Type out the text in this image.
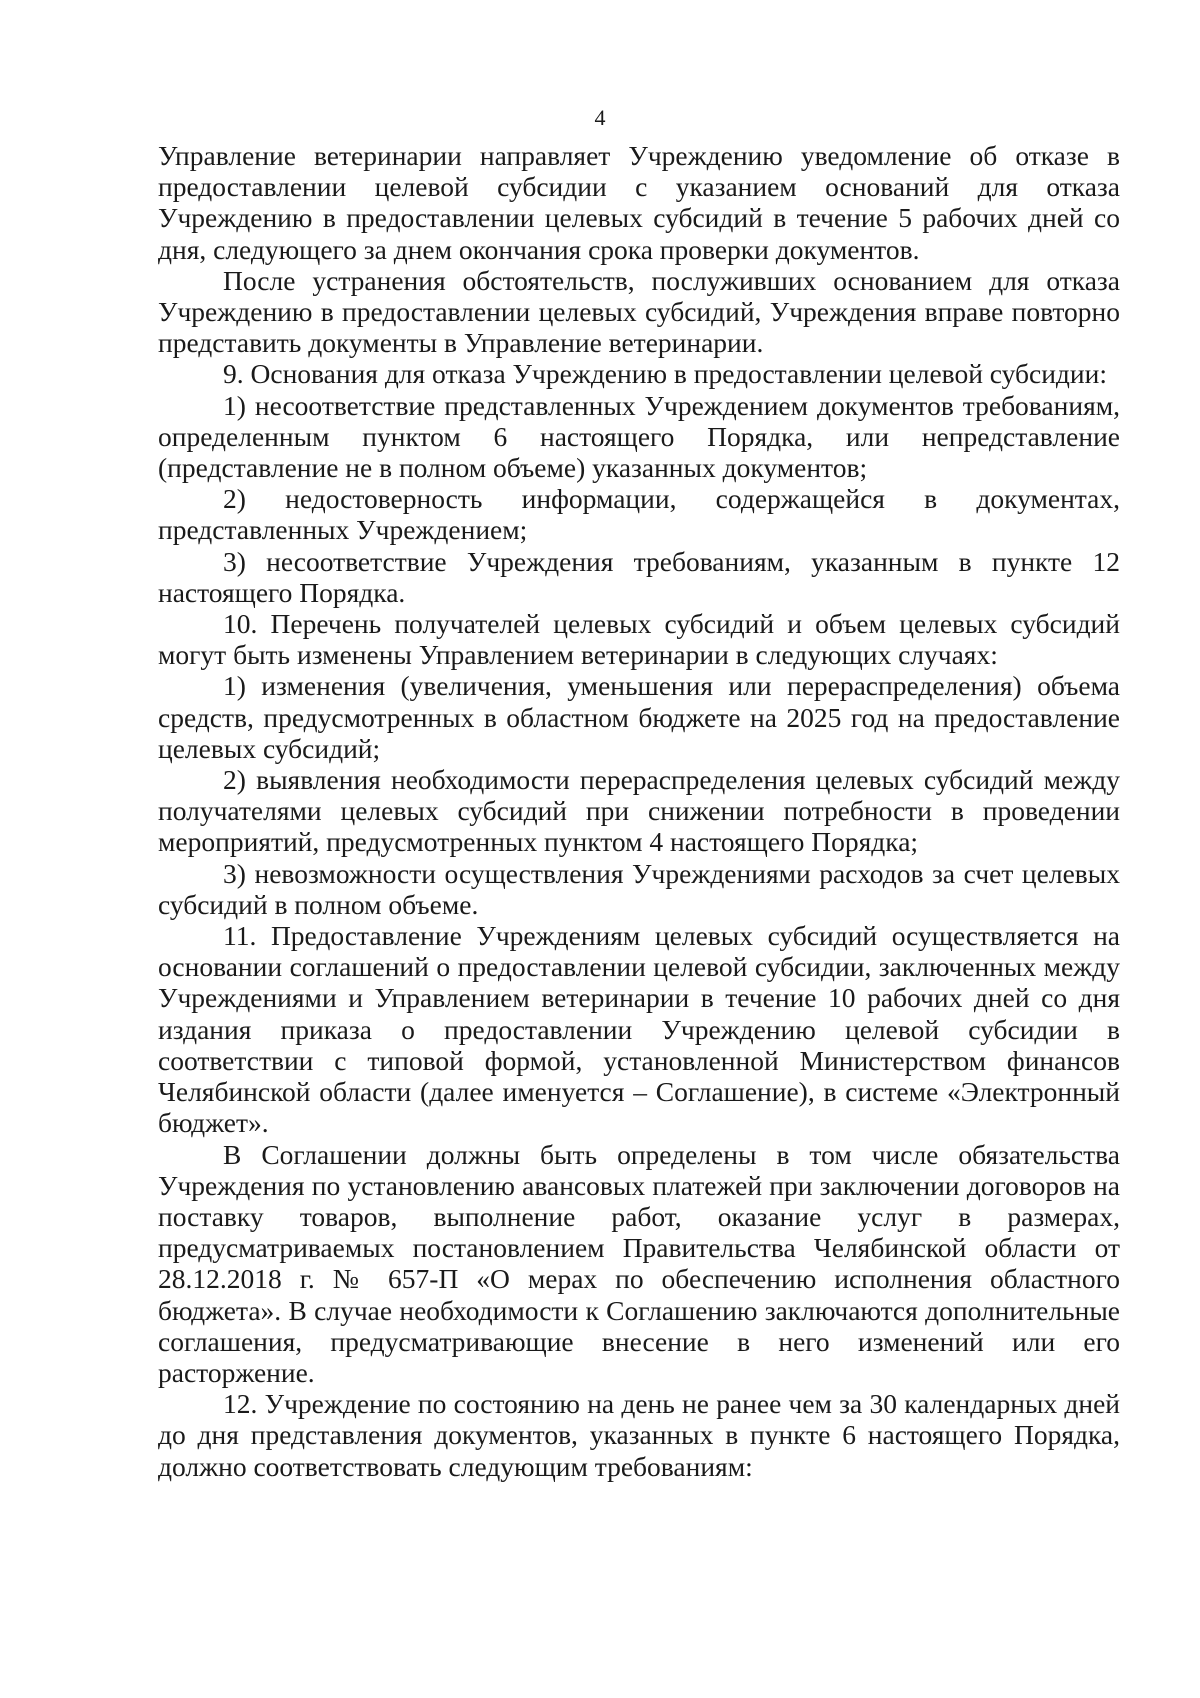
4

Управление ветеринарии направляет Учреждению уведомление об отказе в предоставлении целевой субсидии с указанием оснований для отказа Учреждению в предоставлении целевых субсидий в течение 5 рабочих дней со дня, следующего за днем окончания срока проверки документов.

После устранения обстоятельств, послуживших основанием для отказа Учреждению в предоставлении целевых субсидий, Учреждения вправе повторно представить документы в Управление ветеринарии.

9. Основания для отказа Учреждению в предоставлении целевой субсидии:

1) несоответствие представленных Учреждением документов требованиям, определенным пунктом 6 настоящего Порядка, или непредставление (представление не в полном объеме) указанных документов;

2) недостоверность информации, содержащейся в документах, представленных Учреждением;

3) несоответствие Учреждения требованиям, указанным в пункте 12 настоящего Порядка.

10. Перечень получателей целевых субсидий и объем целевых субсидий могут быть изменены Управлением ветеринарии в следующих случаях:

1) изменения (увеличения, уменьшения или перераспределения) объема средств, предусмотренных в областном бюджете на 2025 год на предоставление целевых субсидий;

2) выявления необходимости перераспределения целевых субсидий между получателями целевых субсидий при снижении потребности в проведении мероприятий, предусмотренных пунктом 4 настоящего Порядка;

3) невозможности осуществления Учреждениями расходов за счет целевых субсидий в полном объеме.

11. Предоставление Учреждениям целевых субсидий осуществляется на основании соглашений о предоставлении целевой субсидии, заключенных между Учреждениями и Управлением ветеринарии в течение 10 рабочих дней со дня издания приказа о предоставлении Учреждению целевой субсидии в соответствии с типовой формой, установленной Министерством финансов Челябинской области (далее именуется – Соглашение), в системе «Электронный бюджет».

В Соглашении должны быть определены в том числе обязательства Учреждения по установлению авансовых платежей при заключении договоров на поставку товаров, выполнение работ, оказание услуг в размерах, предусматриваемых постановлением Правительства Челябинской области от 28.12.2018 г. № 657-П «О мерах по обеспечению исполнения областного бюджета». В случае необходимости к Соглашению заключаются дополнительные соглашения, предусматривающие внесение в него изменений или его расторжение.

12. Учреждение по состоянию на день не ранее чем за 30 календарных дней до дня представления документов, указанных в пункте 6 настоящего Порядка, должно соответствовать следующим требованиям:
